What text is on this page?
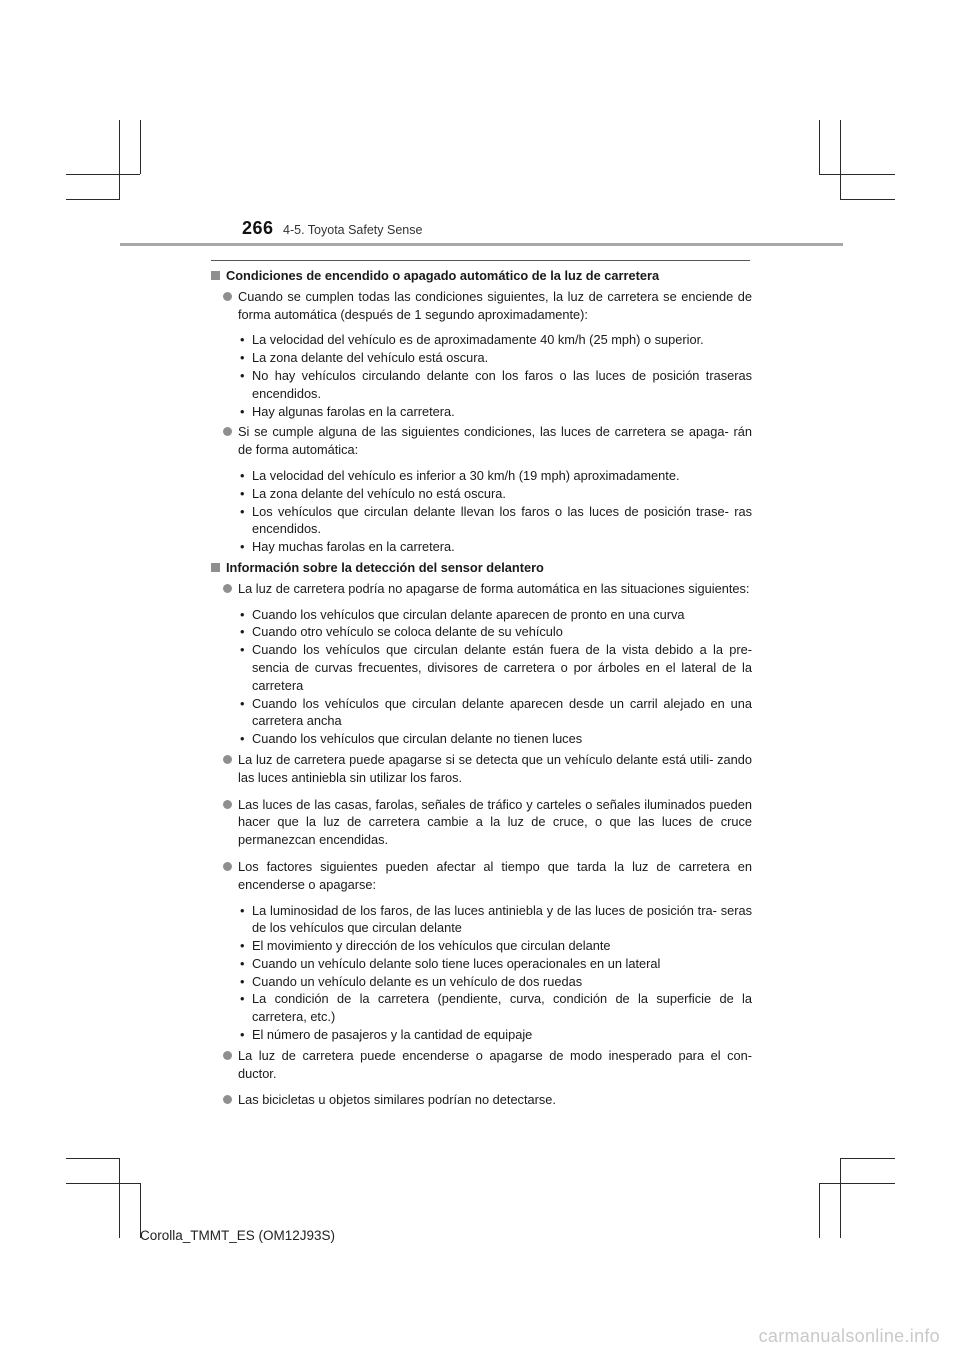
266 4-5. Toyota Safety Sense
Condiciones de encendido o apagado automático de la luz de carretera
Cuando se cumplen todas las condiciones siguientes, la luz de carretera se enciende de forma automática (después de 1 segundo aproximadamente):
• La velocidad del vehículo es de aproximadamente 40 km/h (25 mph) o superior.
• La zona delante del vehículo está oscura.
• No hay vehículos circulando delante con los faros o las luces de posición traseras encendidos.
• Hay algunas farolas en la carretera.
Si se cumple alguna de las siguientes condiciones, las luces de carretera se apaga- rán de forma automática:
• La velocidad del vehículo es inferior a 30 km/h (19 mph) aproximadamente.
• La zona delante del vehículo no está oscura.
• Los vehículos que circulan delante llevan los faros o las luces de posición trase- ras encendidos.
• Hay muchas farolas en la carretera.
Información sobre la detección del sensor delantero
La luz de carretera podría no apagarse de forma automática en las situaciones siguientes:
• Cuando los vehículos que circulan delante aparecen de pronto en una curva
• Cuando otro vehículo se coloca delante de su vehículo
• Cuando los vehículos que circulan delante están fuera de la vista debido a la pre- sencia de curvas frecuentes, divisores de carretera o por árboles en el lateral de la carretera
• Cuando los vehículos que circulan delante aparecen desde un carril alejado en una carretera ancha
• Cuando los vehículos que circulan delante no tienen luces
La luz de carretera puede apagarse si se detecta que un vehículo delante está utili- zando las luces antiniebla sin utilizar los faros.
Las luces de las casas, farolas, señales de tráfico y carteles o señales iluminados pueden hacer que la luz de carretera cambie a la luz de cruce, o que las luces de cruce permanezcan encendidas.
Los factores siguientes pueden afectar al tiempo que tarda la luz de carretera en encenderse o apagarse:
• La luminosidad de los faros, de las luces antiniebla y de las luces de posición tra- seras de los vehículos que circulan delante
• El movimiento y dirección de los vehículos que circulan delante
• Cuando un vehículo delante solo tiene luces operacionales en un lateral
• Cuando un vehículo delante es un vehículo de dos ruedas
• La condición de la carretera (pendiente, curva, condición de la superficie de la carretera, etc.)
• El número de pasajeros y la cantidad de equipaje
La luz de carretera puede encenderse o apagarse de modo inesperado para el con- ductor.
Las bicicletas u objetos similares podrían no detectarse.
Corolla_TMMT_ES (OM12J93S)
carmanualsonline.info
